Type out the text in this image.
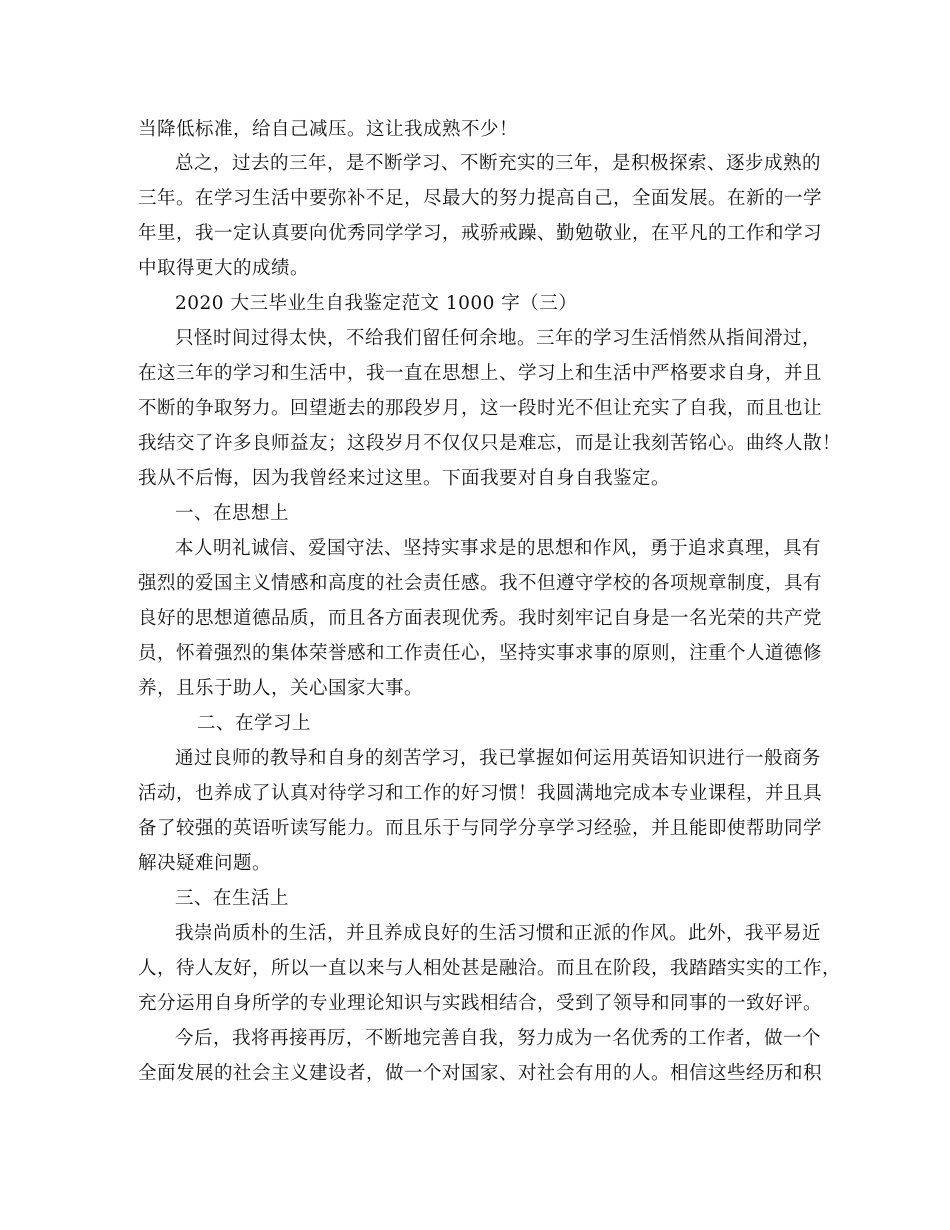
当降低标准，给自己减压。这让我成熟不少！
总之，过去的三年，是不断学习、不断充实的三年，是积极探索、逐步成熟的
三年。在学习生活中要弥补不足，尽最大的努力提高自己，全面发展。在新的一学
年里，我一定认真要向优秀同学学习，戒骄戒躁、勤勉敬业，在平凡的工作和学习
中取得更大的成绩。
2020 大三毕业生自我鉴定范文 1000 字（三）
只怪时间过得太快，不给我们留任何余地。三年的学习生活悄然从指间滑过，
在这三年的学习和生活中，我一直在思想上、学习上和生活中严格要求自身，并且
不断的争取努力。回望逝去的那段岁月，这一段时光不但让充实了自我，而且也让
我结交了许多良师益友；这段岁月不仅仅只是难忘，而是让我刻苦铭心。曲终人散！
我从不后悔，因为我曾经来过这里。下面我要对自身自我鉴定。
一、在思想上
本人明礼诚信、爱国守法、坚持实事求是的思想和作风，勇于追求真理，具有
强烈的爱国主义情感和高度的社会责任感。我不但遵守学校的各项规章制度，具有
良好的思想道德品质，而且各方面表现优秀。我时刻牢记自身是一名光荣的共产党
员，怀着强烈的集体荣誉感和工作责任心，坚持实事求事的原则，注重个人道德修
养，且乐于助人，关心国家大事。
二、在学习上
通过良师的教导和自身的刻苦学习，我已掌握如何运用英语知识进行一般商务
活动，也养成了认真对待学习和工作的好习惯！我圆满地完成本专业课程，并且具
备了较强的英语听读写能力。而且乐于与同学分享学习经验，并且能即使帮助同学
解决疑难问题。
三、在生活上
我崇尚质朴的生活，并且养成良好的生活习惯和正派的作风。此外，我平易近
人，待人友好，所以一直以来与人相处甚是融洽。而且在阶段，我踏踏实实的工作，
充分运用自身所学的专业理论知识与实践相结合，受到了领导和同事的一致好评。
今后，我将再接再厉，不断地完善自我，努力成为一名优秀的工作者，做一个
全面发展的社会主义建设者，做一个对国家、对社会有用的人。相信这些经历和积
